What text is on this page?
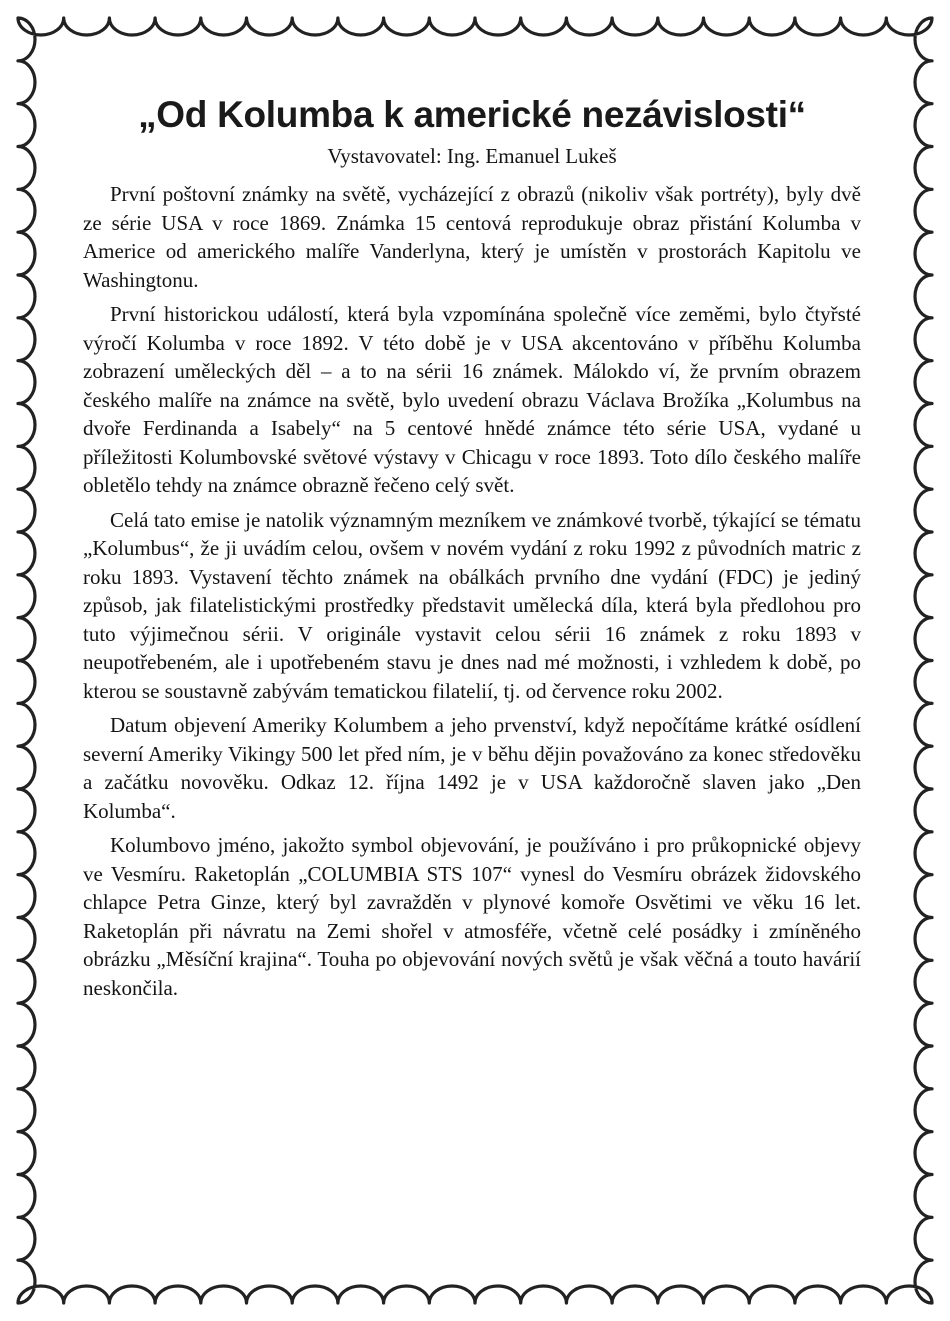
„Od Kolumba k americké nezávislosti“
Vystavovatel: Ing. Emanuel Lukeš

První poštovní známky na světě, vycházející z obrazů (nikoliv však portréty), byly dvě ze série USA v roce 1869. Známka 15 centová reprodukuje obraz přistání Kolumba v Americe od amerického malíře Vanderlyna, který je umístěn v prostorách Kapitolu ve Washingtonu.

První historickou událostí, která byla vzpomínána společně více zeměmi, bylo čtyřsté výročí Kolumba v roce 1892. V této době je v USA akcentováno v příběhu Kolumba zobrazení uměleckých děl – a to na sérii 16 známek. Málokdo ví, že prvním obrazem českého malíře na známce na světě, bylo uvedení obrazu Václava Brožíka „Kolumbus na dvoře Ferdinanda a Isabely“ na 5 centové hnědé známce této série USA, vydané u příležitosti Kolumbovské světové výstavy v Chicagu v roce 1893. Toto dílo českého malíře obletělo tehdy na známce obrazně řečeno celý svět.

Celá tato emise je natolik významným mezníkem ve známkové tvorbě, týkající se tématu „Kolumbus“, že ji uvádím celou, ovšem v novém vydání z roku 1992 z původních matric z roku 1893. Vystavení těchto známek na obálkách prvního dne vydání (FDC) je jediný způsob, jak filatelistickými prostředky představit umělecká díla, která byla předlohou pro tuto výjimečnou sérii. V originále vystavit celou sérii 16 známek z roku 1893 v neupotřebeném, ale i upotřebeném stavu je dnes nad mé možnosti, i vzhledem k době, po kterou se soustavně zabývám tematickou filatelií, tj. od července roku 2002.

Datum objevení Ameriky Kolumbem a jeho prvenství, když nepočítáme krátké osídlení severní Ameriky Vikingy 500 let před ním, je v běhu dějin považováno za konec středověku a začátku novověku. Odkaz 12. října 1492 je v USA každoročně slaven jako „Den Kolumba“.

Kolumbovo jméno, jakožto symbol objevování, je používáno i pro průkopnické objevy ve Vesmíru. Raketoplán „COLUMBIA STS 107“ vynesl do Vesmíru obrázek židovského chlapce Petra Ginze, který byl zavražděn v plynové komoře Osvětimi ve věku 16 let. Raketoplán při návratu na Zemi shořel v atmosféře, včetně celé posádky i zmíněného obrázku „Měsíční krajina“. Touha po objevování nových světů je však věčná a touto havárií neskončila.
